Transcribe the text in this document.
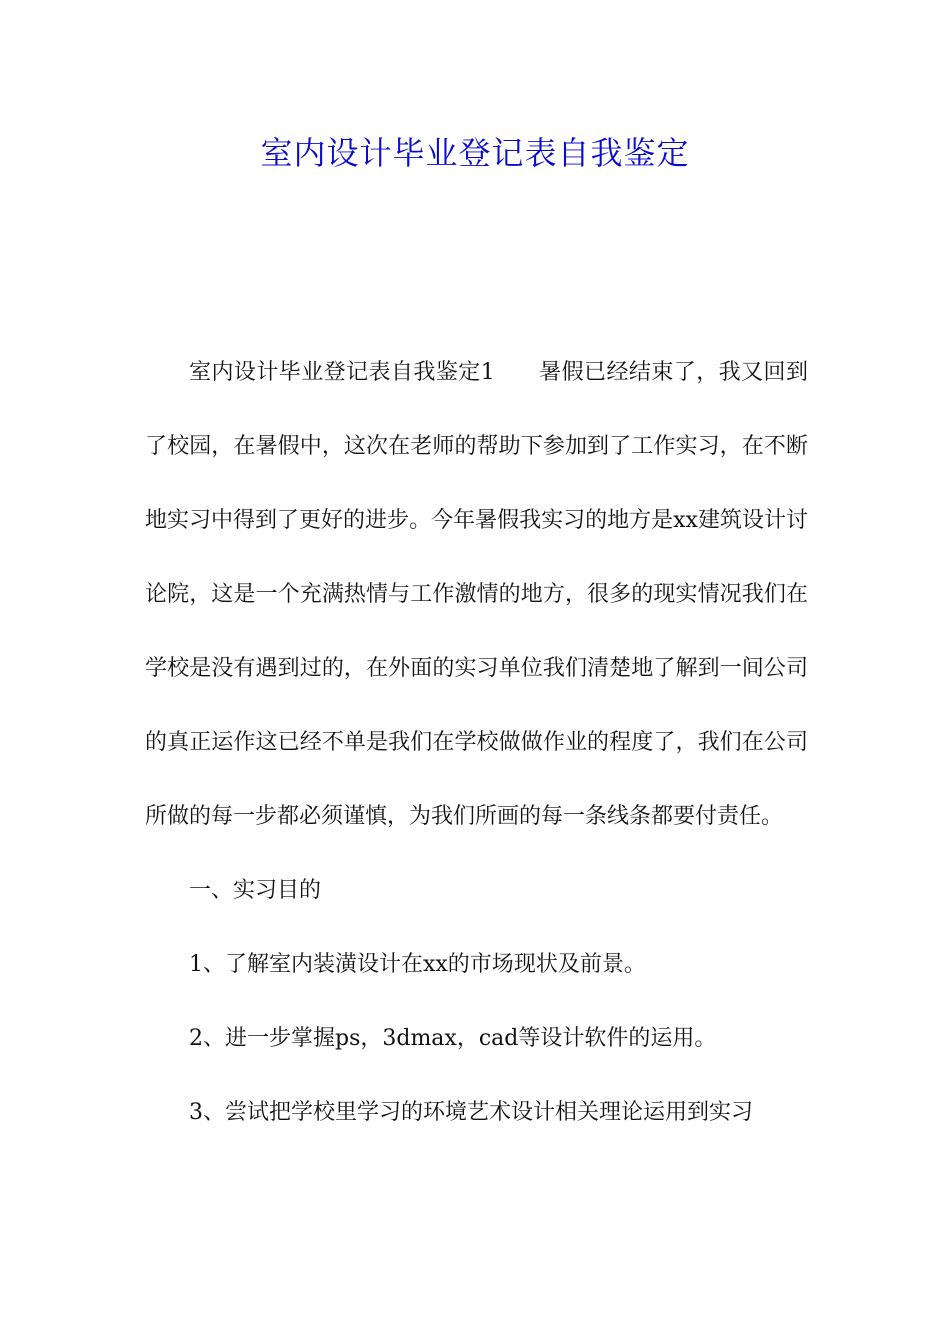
室内设计毕业登记表自我鉴定

室内设计毕业登记表自我鉴定1 暑假已经结束了，我又回到了校园，在暑假中，这次在老师的帮助下参加到了工作实习，在不断地实习中得到了更好的进步。今年暑假我实习的地方是xx建筑设计讨论院，这是一个充满热情与工作激情的地方，很多的现实情况我们在学校是没有遇到过的，在外面的实习单位我们清楚地了解到一间公司的真正运作这已经不单是我们在学校做做作业的程度了，我们在公司所做的每一步都必须谨慎，为我们所画的每一条线条都要付责任。

一、实习目的

1、了解室内装潢设计在xx的市场现状及前景。

2、进一步掌握ps，3dmax，cad等设计软件的运用。

3、尝试把学校里学习的环境艺术设计相关理论运用到实习
